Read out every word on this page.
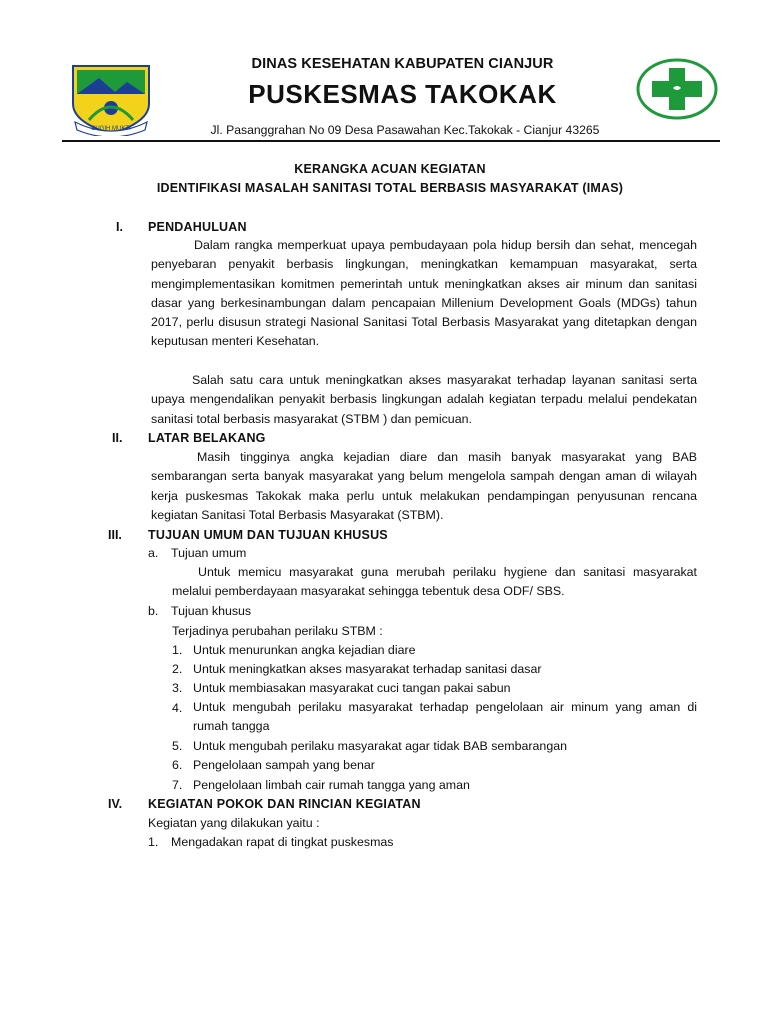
SUGIH MUKTI
DINAS KESEHATAN KABUPATEN CIANJUR
PUSKESMAS TAKOKAK
Jl. Pasanggrahan No 09 Desa Pasawahan Kec.Takokak - Cianjur 43265
KERANGKA ACUAN KEGIATAN
IDENTIFIKASI MASALAH SANITASI TOTAL BERBASIS MASYARAKAT (IMAS)
I. PENDAHULUAN

Dalam rangka memperkuat upaya pembudayaan pola hidup bersih dan sehat, mencegah penyebaran penyakit berbasis lingkungan, meningkatkan kemampuan masyarakat, serta mengimplementasikan komitmen pemerintah untuk meningkatkan akses air minum dan sanitasi dasar yang berkesinambungan dalam pencapaian Millenium Development Goals (MDGs) tahun 2017, perlu disusun strategi Nasional Sanitasi Total Berbasis Masyarakat yang ditetapkan dengan keputusan menteri Kesehatan.

Salah satu cara untuk meningkatkan akses masyarakat terhadap layanan sanitasi serta upaya mengendalikan penyakit berbasis lingkungan adalah kegiatan terpadu melalui pendekatan sanitasi total berbasis masyarakat (STBM ) dan pemicuan.

II. LATAR BELAKANG

Masih tingginya angka kejadian diare dan masih banyak masyarakat yang BAB sembarangan serta banyak masyarakat yang belum mengelola sampah dengan aman di wilayah kerja puskesmas Takokak maka perlu untuk melakukan pendampingan penyusunan rencana kegiatan Sanitasi Total Berbasis Masyarakat (STBM).

III. TUJUAN UMUM DAN TUJUAN KHUSUS
a. Tujuan umum

Untuk memicu masyarakat guna merubah perilaku hygiene dan sanitasi masyarakat melalui pemberdayaan masyarakat sehingga tebentuk desa ODF/ SBS.

b. Tujuan khusus
Terjadinya perubahan perilaku STBM :
1. Untuk menurunkan angka kejadian diare
2. Untuk meningkatkan akses masyarakat terhadap sanitasi dasar
3. Untuk membiasakan masyarakat cuci tangan pakai sabun
4. Untuk mengubah perilaku masyarakat terhadap pengelolaan air minum yang aman di rumah tangga

5. Untuk mengubah perilaku masyarakat agar tidak BAB sembarangan
6. Pengelolaan sampah yang benar
7. Pengelolaan limbah cair rumah tangga yang aman
IV. KEGIATAN POKOK DAN RINCIAN KEGIATAN
Kegiatan yang dilakukan yaitu :
1. Mengadakan rapat di tingkat puskesmas
